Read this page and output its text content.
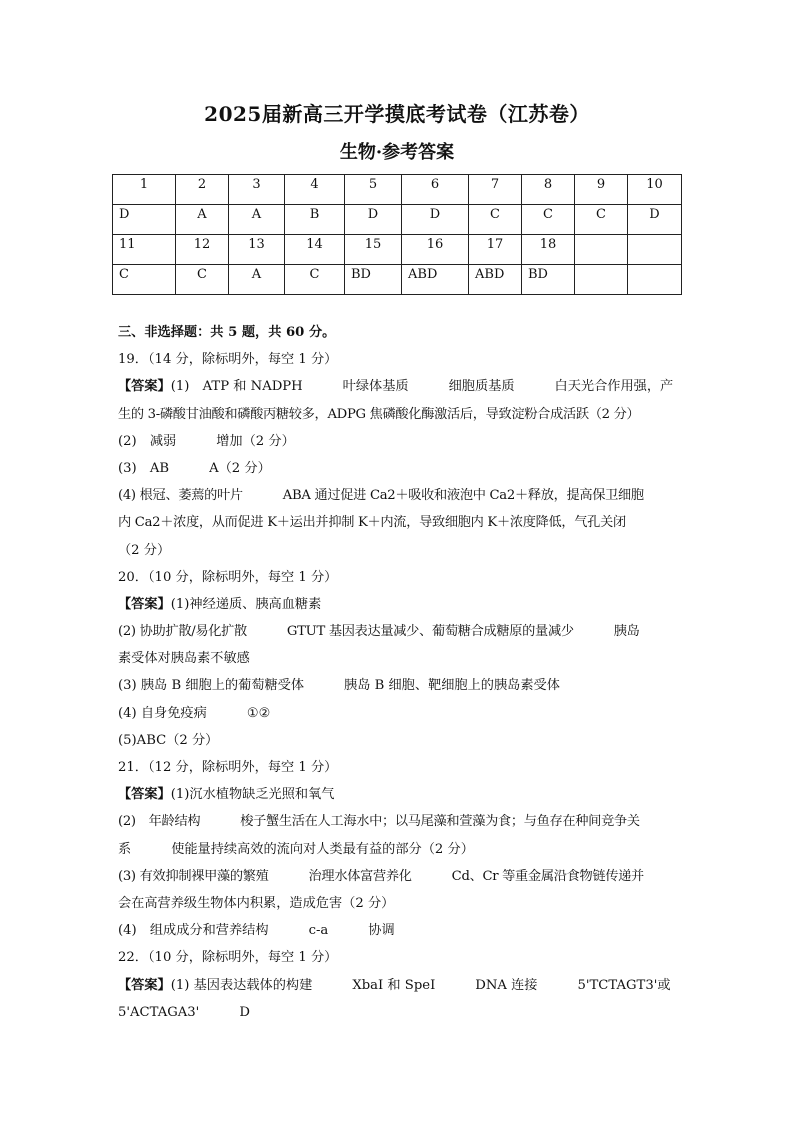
2025届新高三开学摸底考试卷（江苏卷）
生物·参考答案
1	2	3	4	5	6	7	8	9	10

D	A	A	B	D	D	C	C	C	D

11	12	13	14	15	16	17	18		

C	C	A	C	BD	ABD	ABD	BD		

三、非选择题：共 5 题，共 60 分。
19．（14 分，除标明外，每空 1 分）
【答案】(1)　ATP 和 NADPH	叶绿体基质	细胞质基质	白天光合作用强，产
生的 3-磷酸甘油酸和磷酸丙糖较多，ADPG 焦磷酸化酶激活后，导致淀粉合成活跃（2 分）
(2)　减弱	增加（2 分）
(3)　AB	A（2 分）
(4) 根冠、萎蔫的叶片	ABA 通过促进 Ca2＋吸收和液泡中 Ca2＋释放，提高保卫细胞
内 Ca2＋浓度，从而促进 K＋运出并抑制 K＋内流，导致细胞内 K＋浓度降低，气孔关闭
（2 分）
20．（10 分，除标明外，每空 1 分）
【答案】(1)神经递质、胰高血糖素
(2) 协助扩散/易化扩散	GTUT 基因表达量减少、葡萄糖合成糖原的量减少	胰岛
素受体对胰岛素不敏感
(3) 胰岛 B 细胞上的葡萄糖受体	胰岛 B 细胞、靶细胞上的胰岛素受体
(4) 自身免疫病	①②
(5)ABC（2 分）
21．（12 分，除标明外，每空 1 分）
【答案】(1)沉水植物缺乏光照和氧气
(2)　年龄结构	梭子蟹生活在人工海水中；以马尾藻和萱藻为食；与鱼存在种间竞争关
系	使能量持续高效的流向对人类最有益的部分（2 分）
(3) 有效抑制裸甲藻的繁殖	治理水体富营养化	Cd、Cr 等重金属沿食物链传递并
会在高营养级生物体内积累，造成危害（2 分）
(4)　组成成分和营养结构	c-a	协调
22．（10 分，除标明外，每空 1 分）
【答案】(1) 基因表达载体的构建	XbaI 和 SpeI	DNA 连接	5'TCTAGT3'或
5'ACTAGA3'	D
